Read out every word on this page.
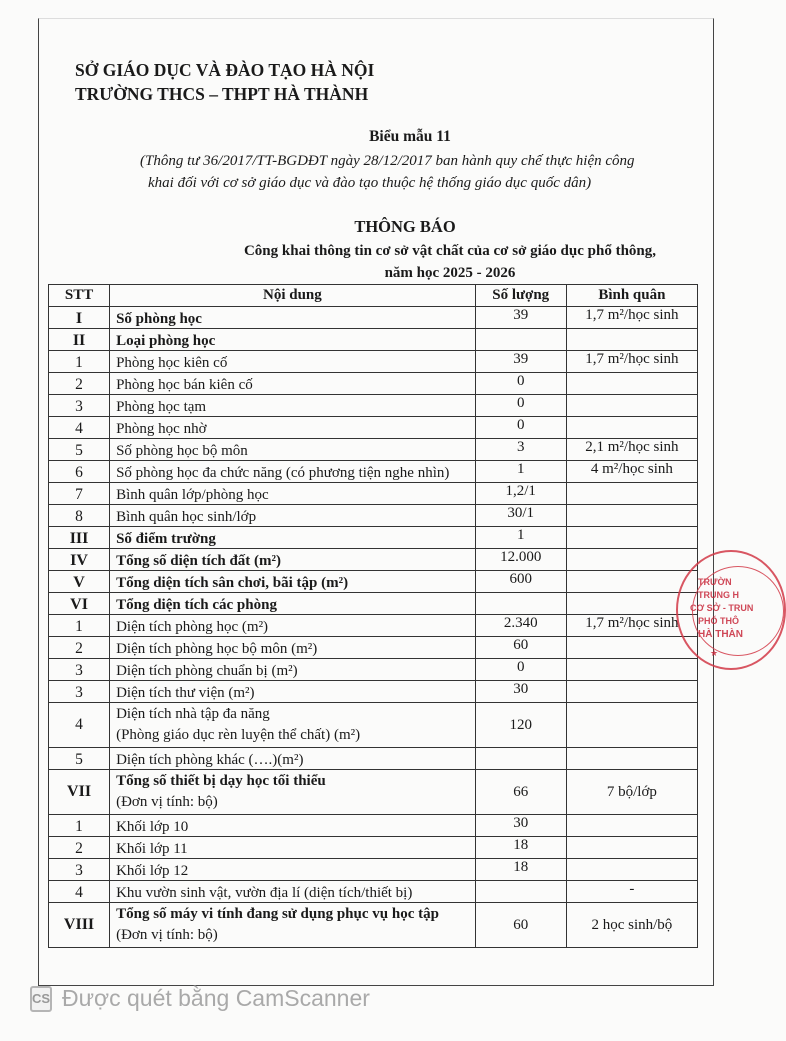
SỞ GIÁO DỤC VÀ ĐÀO TẠO HÀ NỘI
TRƯỜNG THCS – THPT HÀ THÀNH
Biểu mẫu 11
(Thông tư 36/2017/TT-BGDĐT ngày 28/12/2017 ban hành quy chế thực hiện công
khai đối với cơ sở giáo dục và đào tạo thuộc hệ thống giáo dục quốc dân)
THÔNG BÁO
Công khai thông tin cơ sở vật chất của cơ sở giáo dục phổ thông,
năm học 2025 - 2026
STT	Nội dung	Số lượng	Bình quân
I	Số phòng học	39	1,7 m²/học sinh
II	Loại phòng học		
1	Phòng học kiên cố	39	1,7 m²/học sinh
2	Phòng học bán kiên cố	0	
3	Phòng học tạm	0	
4	Phòng học nhờ	0	
5	Số phòng học bộ môn	3	2,1 m²/học sinh
6	Số phòng học đa chức năng (có phương tiện nghe nhìn)	1	4 m²/học sinh
7	Bình quân lớp/phòng học	1,2/1	
8	Bình quân học sinh/lớp	30/1	
III	Số điểm trường	1	
IV	Tổng số diện tích đất (m²)	12.000	
V	Tổng diện tích sân chơi, bãi tập (m²)	600	
VI	Tổng diện tích các phòng		
1	Diện tích phòng học (m²)	2.340	1,7 m²/học sinh
2	Diện tích phòng học bộ môn (m²)	60	
3	Diện tích phòng chuẩn bị (m²)	0	
3	Diện tích thư viện (m²)	30	
4	Diện tích nhà tập đa năng
(Phòng giáo dục rèn luyện thể chất) (m²)	120	
5	Diện tích phòng khác (….)(m²)		
VII	Tổng số thiết bị dạy học tối thiểu
(Đơn vị tính: bộ)	66	7 bộ/lớp
1	Khối lớp 10	30	
2	Khối lớp 11	18	
3	Khối lớp 12	18	
4	Khu vườn sinh vật, vườn địa lí (diện tích/thiết bị)		-
VIII	Tổng số máy vi tính đang sử dụng phục vụ học tập
(Đơn vị tính: bộ)	60	2 học sinh/bộ
TRƯỜN
TRUNG H
CƠ SỞ - TRUN
PHỔ THÔ
HÀ THÀN
★
CS Được quét bằng CamScanner
